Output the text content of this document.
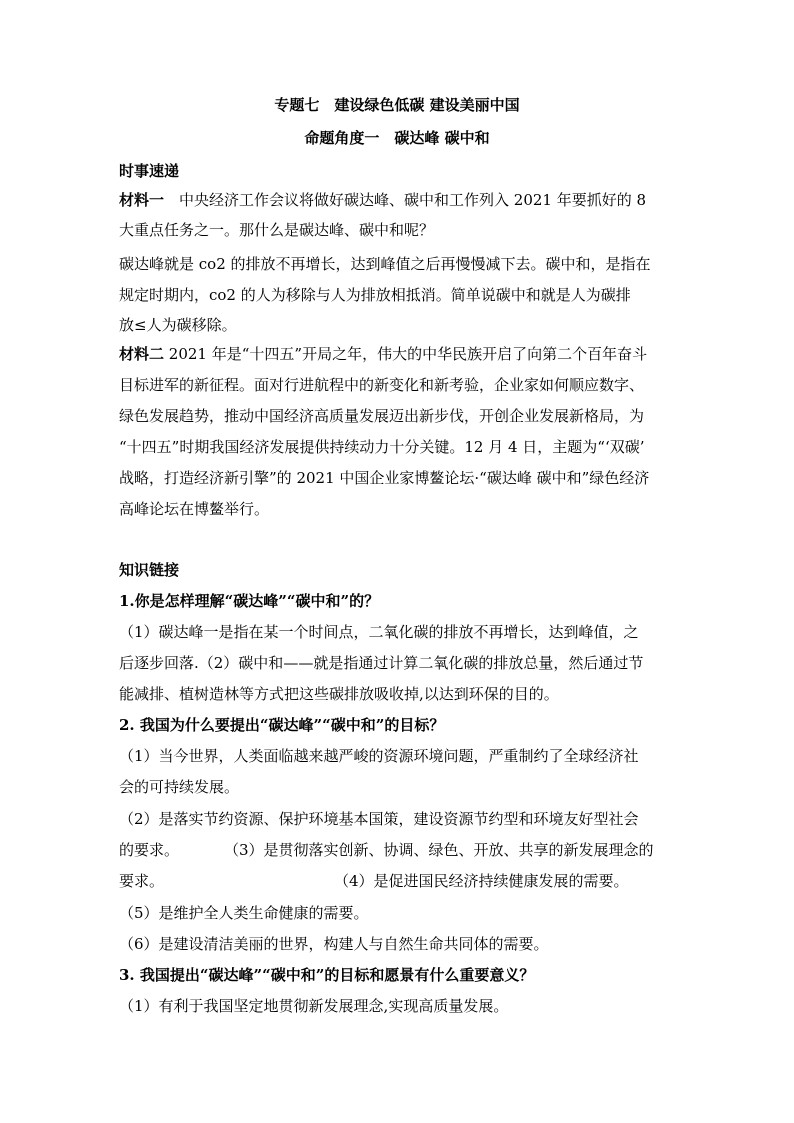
专题七　建设绿色低碳 建设美丽中国
命题角度一　碳达峰 碳中和
时事速递
材料一　中央经济工作会议将做好碳达峰、碳中和工作列入 2021 年要抓好的 8
大重点任务之一。那什么是碳达峰、碳中和呢？
碳达峰就是 co2 的排放不再增长，达到峰值之后再慢慢减下去。碳中和，是指在
规定时期内，co2 的人为移除与人为排放相抵消。简单说碳中和就是人为碳排
放≤人为碳移除。
材料二 2021 年是“十四五”开局之年，伟大的中华民族开启了向第二个百年奋斗
目标进军的新征程。面对行进航程中的新变化和新考验，企业家如何顺应数字、
绿色发展趋势，推动中国经济高质量发展迈出新步伐，开创企业发展新格局，为
“十四五”时期我国经济发展提供持续动力十分关键。12 月 4 日，主题为“‘双碳’
战略，打造经济新引擎”的 2021 中国企业家博鳌论坛·“碳达峰 碳中和”绿色经济
高峰论坛在博鳌举行。
知识链接
1.你是怎样理解“碳达峰”“碳中和”的？
（1）碳达峰一是指在某一个时间点，二氧化碳的排放不再增长，达到峰值，之
后逐步回落.（2）碳中和——就是指通过计算二氧化碳的排放总量，然后通过节
能减排、植树造林等方式把这些碳排放吸收掉,以达到环保的目的。
2. 我国为什么要提出“碳达峰”“碳中和”的目标？
（1）当今世界，人类面临越来越严峻的资源环境问题，严重制约了全球经济社
会的可持续发展。
（2）是落实节约资源、保护环境基本国策，建设资源节约型和环境友好型社会
的要求。	（3）是贯彻落实创新、协调、绿色、开放、共享的新发展理念的
要求。	（4）是促进国民经济持续健康发展的需要。
（5）是维护全人类生命健康的需要。
（6）是建设清洁美丽的世界，构建人与自然生命共同体的需要。
3. 我国提出“碳达峰”“碳中和”的目标和愿景有什么重要意义？
（1）有利于我国坚定地贯彻新发展理念,实现高质量发展。
